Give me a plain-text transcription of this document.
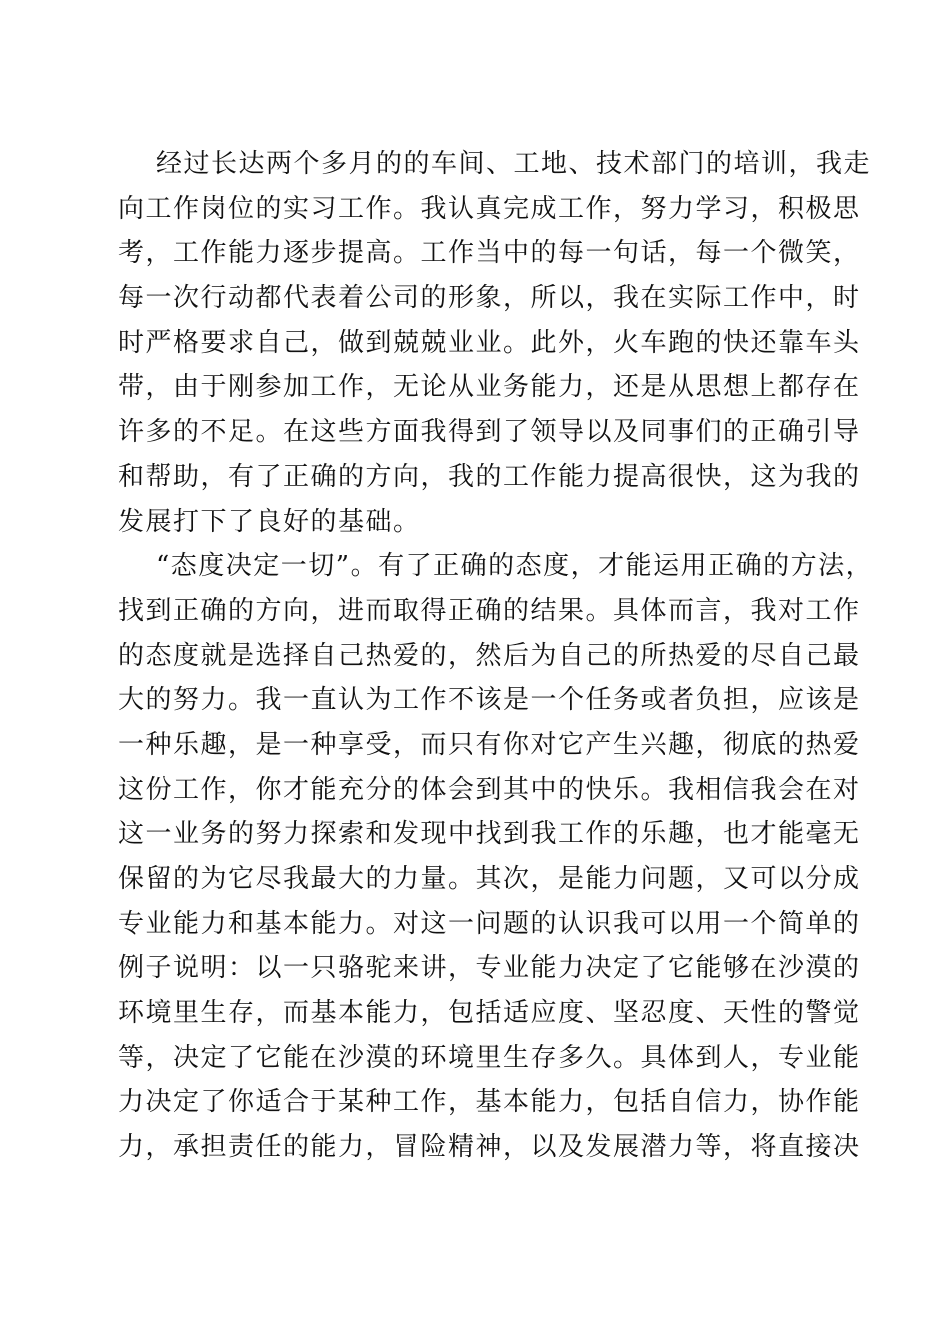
经过长达两个多月的的车间、工地、技术部门的培训，我走
向工作岗位的实习工作。我认真完成工作，努力学习，积极思
考，工作能力逐步提高。工作当中的每一句话，每一个微笑，
每一次行动都代表着公司的形象，所以，我在实际工作中，时
时严格要求自己，做到兢兢业业。此外，火车跑的快还靠车头
带，由于刚参加工作，无论从业务能力，还是从思想上都存在
许多的不足。在这些方面我得到了领导以及同事们的正确引导
和帮助，有了正确的方向，我的工作能力提高很快，这为我的
发展打下了良好的基础。
“态度决定一切”。有了正确的态度，才能运用正确的方法，
找到正确的方向，进而取得正确的结果。具体而言，我对工作
的态度就是选择自己热爱的，然后为自己的所热爱的尽自己最
大的努力。我一直认为工作不该是一个任务或者负担，应该是
一种乐趣，是一种享受，而只有你对它产生兴趣，彻底的热爱
这份工作，你才能充分的体会到其中的快乐。我相信我会在对
这一业务的努力探索和发现中找到我工作的乐趣，也才能毫无
保留的为它尽我最大的力量。其次，是能力问题，又可以分成
专业能力和基本能力。对这一问题的认识我可以用一个简单的
例子说明：以一只骆驼来讲，专业能力决定了它能够在沙漠的
环境里生存，而基本能力，包括适应度、坚忍度、天性的警觉
等，决定了它能在沙漠的环境里生存多久。具体到人，专业能
力决定了你适合于某种工作，基本能力，包括自信力，协作能
力，承担责任的能力，冒险精神，以及发展潜力等，将直接决
